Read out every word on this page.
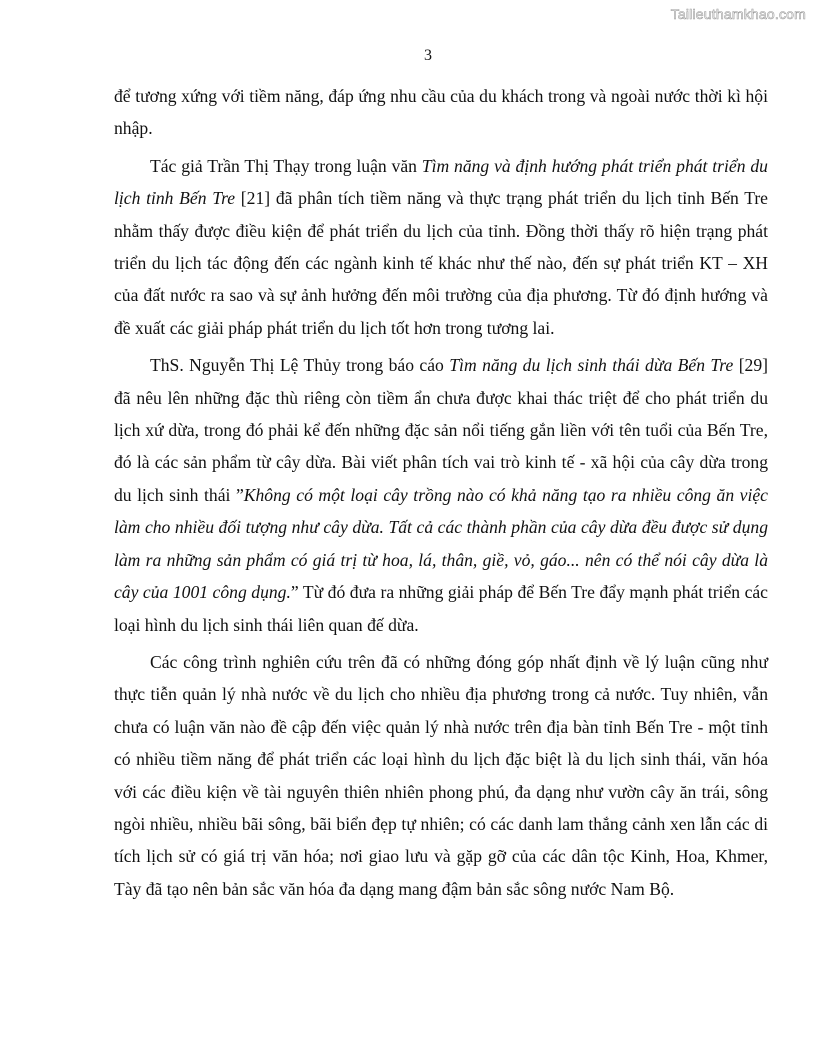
Tailieuthamkhao.com
3

để tương xứng với tiềm năng, đáp ứng nhu cầu của du khách trong và ngoài nước thời kì hội nhập.

Tác giả Trần Thị Thạy trong luận văn Tìm năng và định hướng phát triển phát triển du lịch tỉnh Bến Tre [21] đã phân tích tiềm năng và thực trạng phát triển du lịch tỉnh Bến Tre nhằm thấy được điều kiện để phát triển du lịch của tỉnh. Đồng thời thấy rõ hiện trạng phát triển du lịch tác động đến các ngành kinh tế khác như thế nào, đến sự phát triển KT – XH của đất nước ra sao và sự ảnh hưởng đến môi trường của địa phương. Từ đó định hướng và đề xuất các giải pháp phát triển du lịch tốt hơn trong tương lai.

ThS. Nguyễn Thị Lệ Thủy trong báo cáo Tìm năng du lịch sinh thái dừa Bến Tre [29] đã nêu lên những đặc thù riêng còn tiềm ẩn chưa được khai thác triệt để cho phát triển du lịch xứ dừa, trong đó phải kể đến những đặc sản nổi tiếng gắn liền với tên tuổi của Bến Tre, đó là các sản phẩm từ cây dừa. Bài viết phân tích vai trò kinh tế - xã hội của cây dừa trong du lịch sinh thái ”Không có một loại cây trồng nào có khả năng tạo ra nhiều công ăn việc làm cho nhiều đối tượng như cây dừa. Tất cả các thành phần của cây dừa đều được sử dụng làm ra những sản phẩm có giá trị từ hoa, lá, thân, giề, vỏ, gáo... nên có thể nói cây dừa là cây của 1001 công dụng.” Từ đó đưa ra những giải pháp để Bến Tre đẩy mạnh phát triển các loại hình du lịch sinh thái liên quan đế dừa.

Các công trình nghiên cứu trên đã có những đóng góp nhất định về lý luận cũng như thực tiễn quản lý nhà nước về du lịch cho nhiều địa phương trong cả nước. Tuy nhiên, vẫn chưa có luận văn nào đề cập đến việc quản lý nhà nước trên địa bàn tỉnh Bến Tre - một tỉnh có nhiều tiềm năng để phát triển các loại hình du lịch đặc biệt là du lịch sinh thái, văn hóa với các điều kiện về tài nguyên thiên nhiên phong phú, đa dạng như vườn cây ăn trái, sông ngòi nhiều, nhiều bãi sông, bãi biển đẹp tự nhiên; có các danh lam thắng cảnh xen lẫn các di tích lịch sử có giá trị văn hóa; nơi giao lưu và gặp gỡ của các dân tộc Kinh, Hoa, Khmer, Tày đã tạo nên bản sắc văn hóa đa dạng mang đậm bản sắc sông nước Nam Bộ.
